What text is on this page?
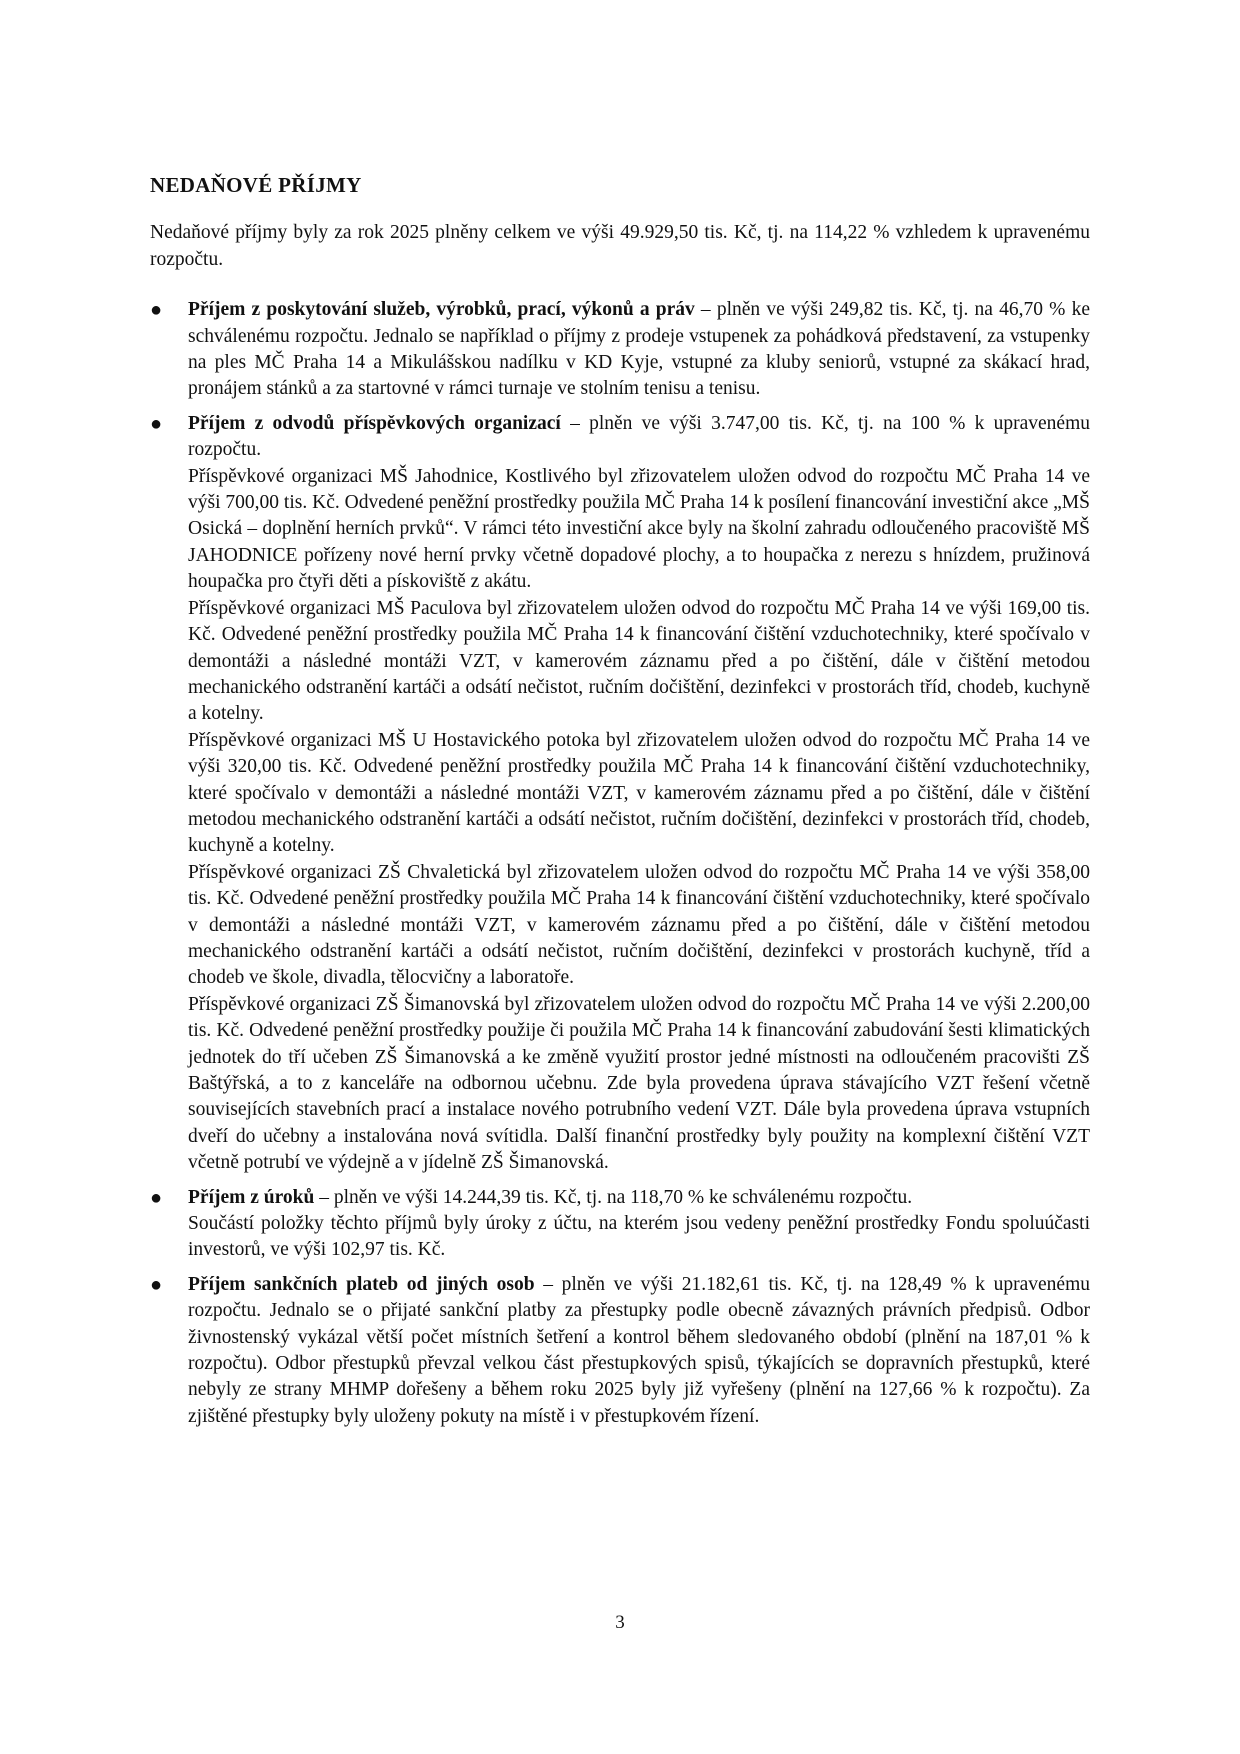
NEDAŇOVÉ PŘÍJMY

Nedaňové příjmy byly za rok 2025 plněny celkem ve výši 49.929,50 tis. Kč, tj. na 114,22 % vzhledem k upravenému rozpočtu.

●	Příjem z poskytování služeb, výrobků, prací, výkonů a práv – plněn ve výši 249,82 tis. Kč, tj. na 46,70 % ke schválenému rozpočtu. Jednalo se například o příjmy z prodeje vstupenek za pohádková představení, za vstupenky na ples MČ Praha 14 a Mikulášskou nadílku v KD Kyje, vstupné za kluby seniorů, vstupné za skákací hrad, pronájem stánků a za startovné v rámci turnaje ve stolním tenisu a tenisu.

●	Příjem z odvodů příspěvkových organizací – plněn ve výši 3.747,00 tis. Kč, tj. na 100 % k upravenému rozpočtu.

Příspěvkové organizaci MŠ Jahodnice, Kostlivého byl zřizovatelem uložen odvod do rozpočtu MČ Praha 14 ve výši 700,00 tis. Kč. Odvedené peněžní prostředky použila MČ Praha 14 k posílení financování investiční akce „MŠ Osická – doplnění herních prvků“. V rámci této investiční akce byly na školní zahradu odloučeného pracoviště MŠ JAHODNICE pořízeny nové herní prvky včetně dopadové plochy, a to houpačka z nerezu s hnízdem, pružinová houpačka pro čtyři děti a pískoviště z akátu.

Příspěvkové organizaci MŠ Paculova byl zřizovatelem uložen odvod do rozpočtu MČ Praha 14 ve výši 169,00 tis. Kč. Odvedené peněžní prostředky použila MČ Praha 14 k financování čištění vzduchotechniky, které spočívalo v demontáži a následné montáži VZT, v kamerovém záznamu před a po čištění, dále v čištění metodou mechanického odstranění kartáči a odsátí nečistot, ručním dočištění, dezinfekci v prostorách tříd, chodeb, kuchyně a kotelny.

Příspěvkové organizaci MŠ U Hostavického potoka byl zřizovatelem uložen odvod do rozpočtu MČ Praha 14 ve výši 320,00 tis. Kč. Odvedené peněžní prostředky použila MČ Praha 14 k financování čištění vzduchotechniky, které spočívalo v demontáži a následné montáži VZT, v kamerovém záznamu před a po čištění, dále v čištění metodou mechanického odstranění kartáči a odsátí nečistot, ručním dočištění, dezinfekci v prostorách tříd, chodeb, kuchyně a kotelny.

Příspěvkové organizaci ZŠ Chvaletická byl zřizovatelem uložen odvod do rozpočtu MČ Praha 14 ve výši 358,00 tis. Kč. Odvedené peněžní prostředky použila MČ Praha 14 k financování čištění vzduchotechniky, které spočívalo v demontáži a následné montáži VZT, v kamerovém záznamu před a po čištění, dále v čištění metodou mechanického odstranění kartáči a odsátí nečistot, ručním dočištění, dezinfekci v prostorách kuchyně, tříd a chodeb ve škole, divadla, tělocvičny a laboratoře.

Příspěvkové organizaci ZŠ Šimanovská byl zřizovatelem uložen odvod do rozpočtu MČ Praha 14 ve výši 2.200,00 tis. Kč. Odvedené peněžní prostředky použije či použila MČ Praha 14 k financování zabudování šesti klimatických jednotek do tří učeben ZŠ Šimanovská a ke změně využití prostor jedné místnosti na odloučeném pracovišti ZŠ Baštýřská, a to z kanceláře na odbornou učebnu. Zde byla provedena úprava stávajícího VZT řešení včetně souvisejících stavebních prací a instalace nového potrubního vedení VZT. Dále byla provedena úprava vstupních dveří do učebny a instalována nová svítidla. Další finanční prostředky byly použity na komplexní čištění VZT včetně potrubí ve výdejně a v jídelně ZŠ Šimanovská.

●	Příjem z úroků – plněn ve výši 14.244,39 tis. Kč, tj. na 118,70 % ke schválenému rozpočtu.

Součástí položky těchto příjmů byly úroky z účtu, na kterém jsou vedeny peněžní prostředky Fondu spoluúčasti investorů, ve výši 102,97 tis. Kč.

●	Příjem sankčních plateb od jiných osob – plněn ve výši 21.182,61 tis. Kč, tj. na 128,49 % k upravenému rozpočtu. Jednalo se o přijaté sankční platby za přestupky podle obecně závazných právních předpisů. Odbor živnostenský vykázal větší počet místních šetření a kontrol během sledovaného období (plnění na 187,01 % k rozpočtu). Odbor přestupků převzal velkou část přestupkových spisů, týkajících se dopravních přestupků, které nebyly ze strany MHMP dořešeny a během roku 2025 byly již vyřešeny (plnění na 127,66 % k rozpočtu). Za zjištěné přestupky byly uloženy pokuty na místě i v přestupkovém řízení.

3
